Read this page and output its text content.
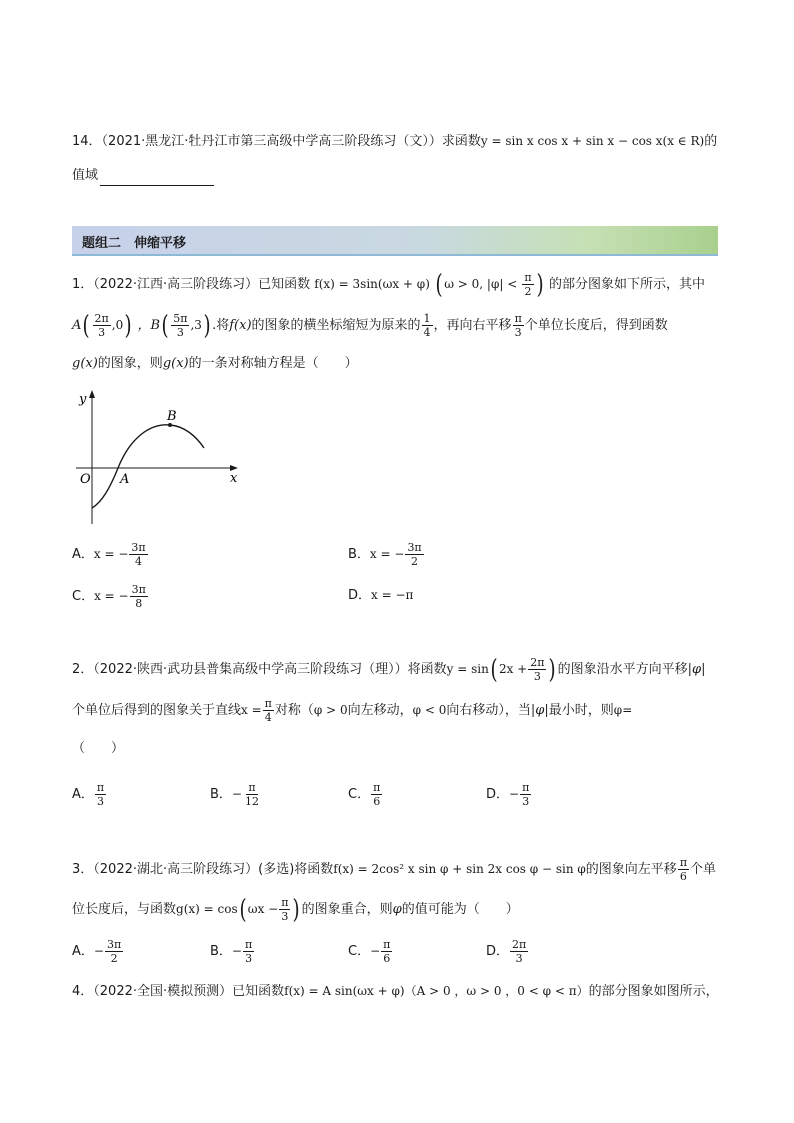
14．（2021·黑龙江·牡丹江市第三高级中学高三阶段练习（文））求函数y = sin x cos x + sin x − cos x(x ∈ R)的
值域
题组二　伸缩平移
1．（2022·江西·高三阶段练习）已知函数 f(x) = 3sin(ωx + φ) ( ω > 0, $|\varphi| < \frac{\pi}{2}$ ) 的部分图象如下所示，其中
$A( \frac{2\pi}{3} ,0)$ ，$B( \frac{5\pi}{3} ,3)$ .将f(x)的图象的横坐标缩短为原来的 $\frac{1}{4}$ ，再向右平移 $\frac{\pi}{3}$ 个单位长度后，得到函数
g(x)的图象，则g(x)的一条对称轴方程是（　　）
y
x
O A
B
A．x = − $\frac{3\pi}{4}$	B．x = − $\frac{3\pi}{2}$
C．x = − $\frac{3\pi}{8}$	D．x = −π
2．（2022·陕西·武功县普集高级中学高三阶段练习（理））将函数y = sin( $2x + \frac{2\pi}{3}$ ) 的图象沿水平方向平移|φ|
个单位后得到的图象关于直线$x = \frac{\pi}{4}$ 对称（φ > 0向左移动，φ < 0向右移动），当|φ|最小时，则φ=
（　　）
A． $\frac{\pi}{3}$	B．− $\frac{\pi}{12}$	C． $\frac{\pi}{6}$	D．− $\frac{\pi}{3}$
3．（2022·湖北·高三阶段练习）(多选)将函数f(x) = 2cos² x sin φ + sin 2x cos φ − sin φ的图象向左平移 $\frac{\pi}{6}$ 个单
位长度后，与函数g(x) = cos( $\omega x - \frac{\pi}{3}$ ) 的图象重合，则φ的值可能为（　　）
A．− $\frac{3\pi}{2}$	B．− $\frac{\pi}{3}$	C．− $\frac{\pi}{6}$	D． $\frac{2\pi}{3}$
4．（2022·全国·模拟预测）已知函数f(x) = A sin(ωx + φ)（A > 0 ，ω > 0 ，0 < φ < π）的部分图象如图所示，
